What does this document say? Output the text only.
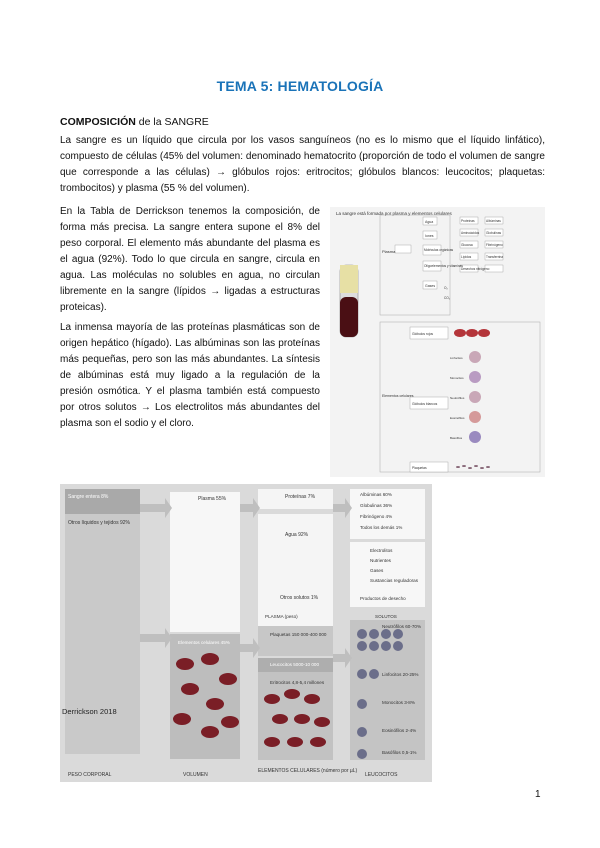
TEMA 5: HEMATOLOGÍA
COMPOSICIÓN de la SANGRE
La sangre es un líquido que circula por los vasos sanguíneos (no es lo mismo que el líquido linfático), compuesto de células (45% del volumen: denominado hematocrito (proporción de todo el volumen de sangre que corresponde a las células) → glóbulos rojos: eritrocitos; glóbulos blancos: leucocitos; plaquetas: trombocitos) y plasma (55 % del volumen).
En la Tabla de Derrickson tenemos la composición, de forma más precisa. La sangre entera supone el 8% del peso corporal. El elemento más abundante del plasma es el agua (92%). Todo lo que circula en sangre, circula en agua. Las moléculas no solubles en agua, no circulan libremente en la sangre (lípidos → ligadas a estructuras proteicas).
La inmensa mayoría de las proteínas plasmáticas son de origen hepático (hígado). Las albúminas son las proteínas más pequeñas, pero son las más abundantes. La síntesis de albúminas está muy ligado a la regulación de la presión osmótica. Y el plasma también está compuesto por otros solutos → Los electrolitos más abundantes del plasma son el sodio y el cloro.
La sangre está formada por plasma y elementos celulares
Plasma
Agua
Iones
Moléculas orgánicas
Oligoelementos y vitaminas
Gases
Proteínas
Aminoácidos
Glucosa
Lípidos
Desechos nitrógeno
Albúminas
Globulinas
Fibrinógeno
Transferrina
O₂
CO₂
Glóbulos rojos
Glóbulos blancos
Plaquetas
Elementos celulares
Linfocitos
Monocitos
Neutrófilos
Eosinófilos
Basófilos
Sangre entera 8%
Otros líquidos y tejidos 92%
Plasma 55%	Proteínas 7%
Agua 92%
Otros solutos 1%
Albúminas 60%
Globulinas 36%
Fibrinógeno 4%
Todos los demás 1%
Electrolitos
Nutrientes
Gases
Sustancias reguladoras
Productos de desecho
PLASMA (peso)	SOLUTOS
Elementos celulares 45%
Plaquetas 150 000-400 000
Leucocitos 5000-10 000
Eritrocitos 4,8-5,4 millones
Neutrófilos 60-70%
Linfocitos 20-25%
Monocitos 3-8%
Eosinófilos 2-4%
Basófilos 0,5-1%
PESO CORPORAL	VOLUMEN
ELEMENTOS CELULARES (número por µL)
LEUCOCITOS
Derrickson 2018
1
